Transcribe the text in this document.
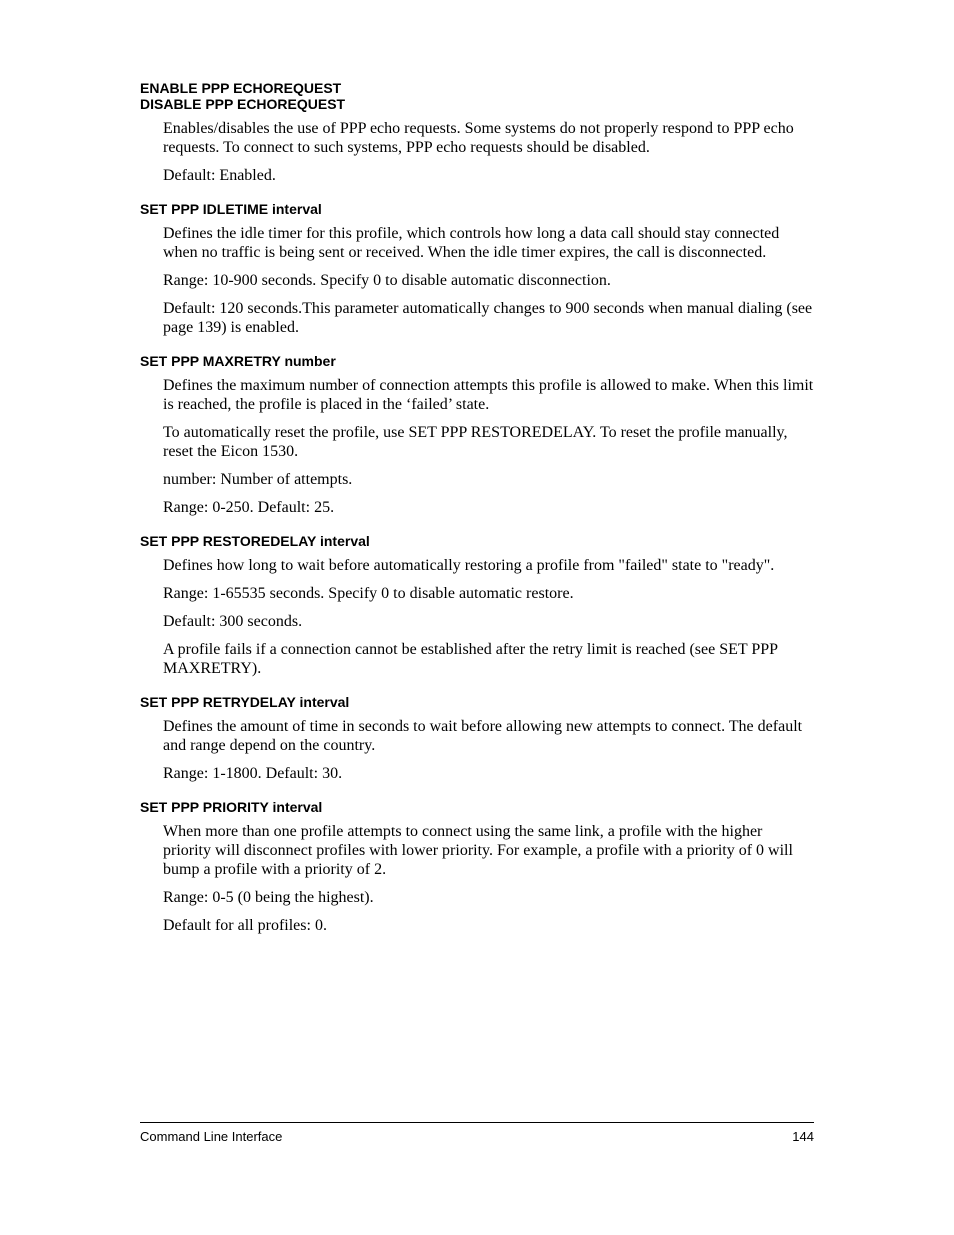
ENABLE PPP ECHOREQUEST
DISABLE PPP ECHOREQUEST

Enables/disables the use of PPP echo requests. Some systems do not properly respond to PPP echo requests. To connect to such systems, PPP echo requests should be disabled.

Default: Enabled.

SET PPP IDLETIME interval

Defines the idle timer for this profile, which controls how long a data call should stay connected when no traffic is being sent or received. When the idle timer expires, the call is disconnected.

Range: 10-900 seconds. Specify 0 to disable automatic disconnection.

Default: 120 seconds.This parameter automatically changes to 900 seconds when manual dialing (see page 139) is enabled.

SET PPP MAXRETRY number

Defines the maximum number of connection attempts this profile is allowed to make. When this limit is reached, the profile is placed in the ‘failed’ state.

To automatically reset the profile, use SET PPP RESTOREDELAY. To reset the profile manually, reset the Eicon 1530.

number: Number of attempts.

Range: 0-250. Default: 25.

SET PPP RESTOREDELAY interval

Defines how long to wait before automatically restoring a profile from "failed" state to "ready".

Range: 1-65535 seconds. Specify 0 to disable automatic restore.

Default: 300 seconds.

A profile fails if a connection cannot be established after the retry limit is reached (see SET PPP MAXRETRY).

SET PPP RETRYDELAY interval

Defines the amount of time in seconds to wait before allowing new attempts to connect. The default and range depend on the country.

Range: 1-1800. Default: 30.

SET PPP PRIORITY interval

When more than one profile attempts to connect using the same link, a profile with the higher priority will disconnect profiles with lower priority. For example, a profile with a priority of 0 will bump a profile with a priority of 2.

Range: 0-5 (0 being the highest).

Default for all profiles: 0.

Command Line Interface	144
